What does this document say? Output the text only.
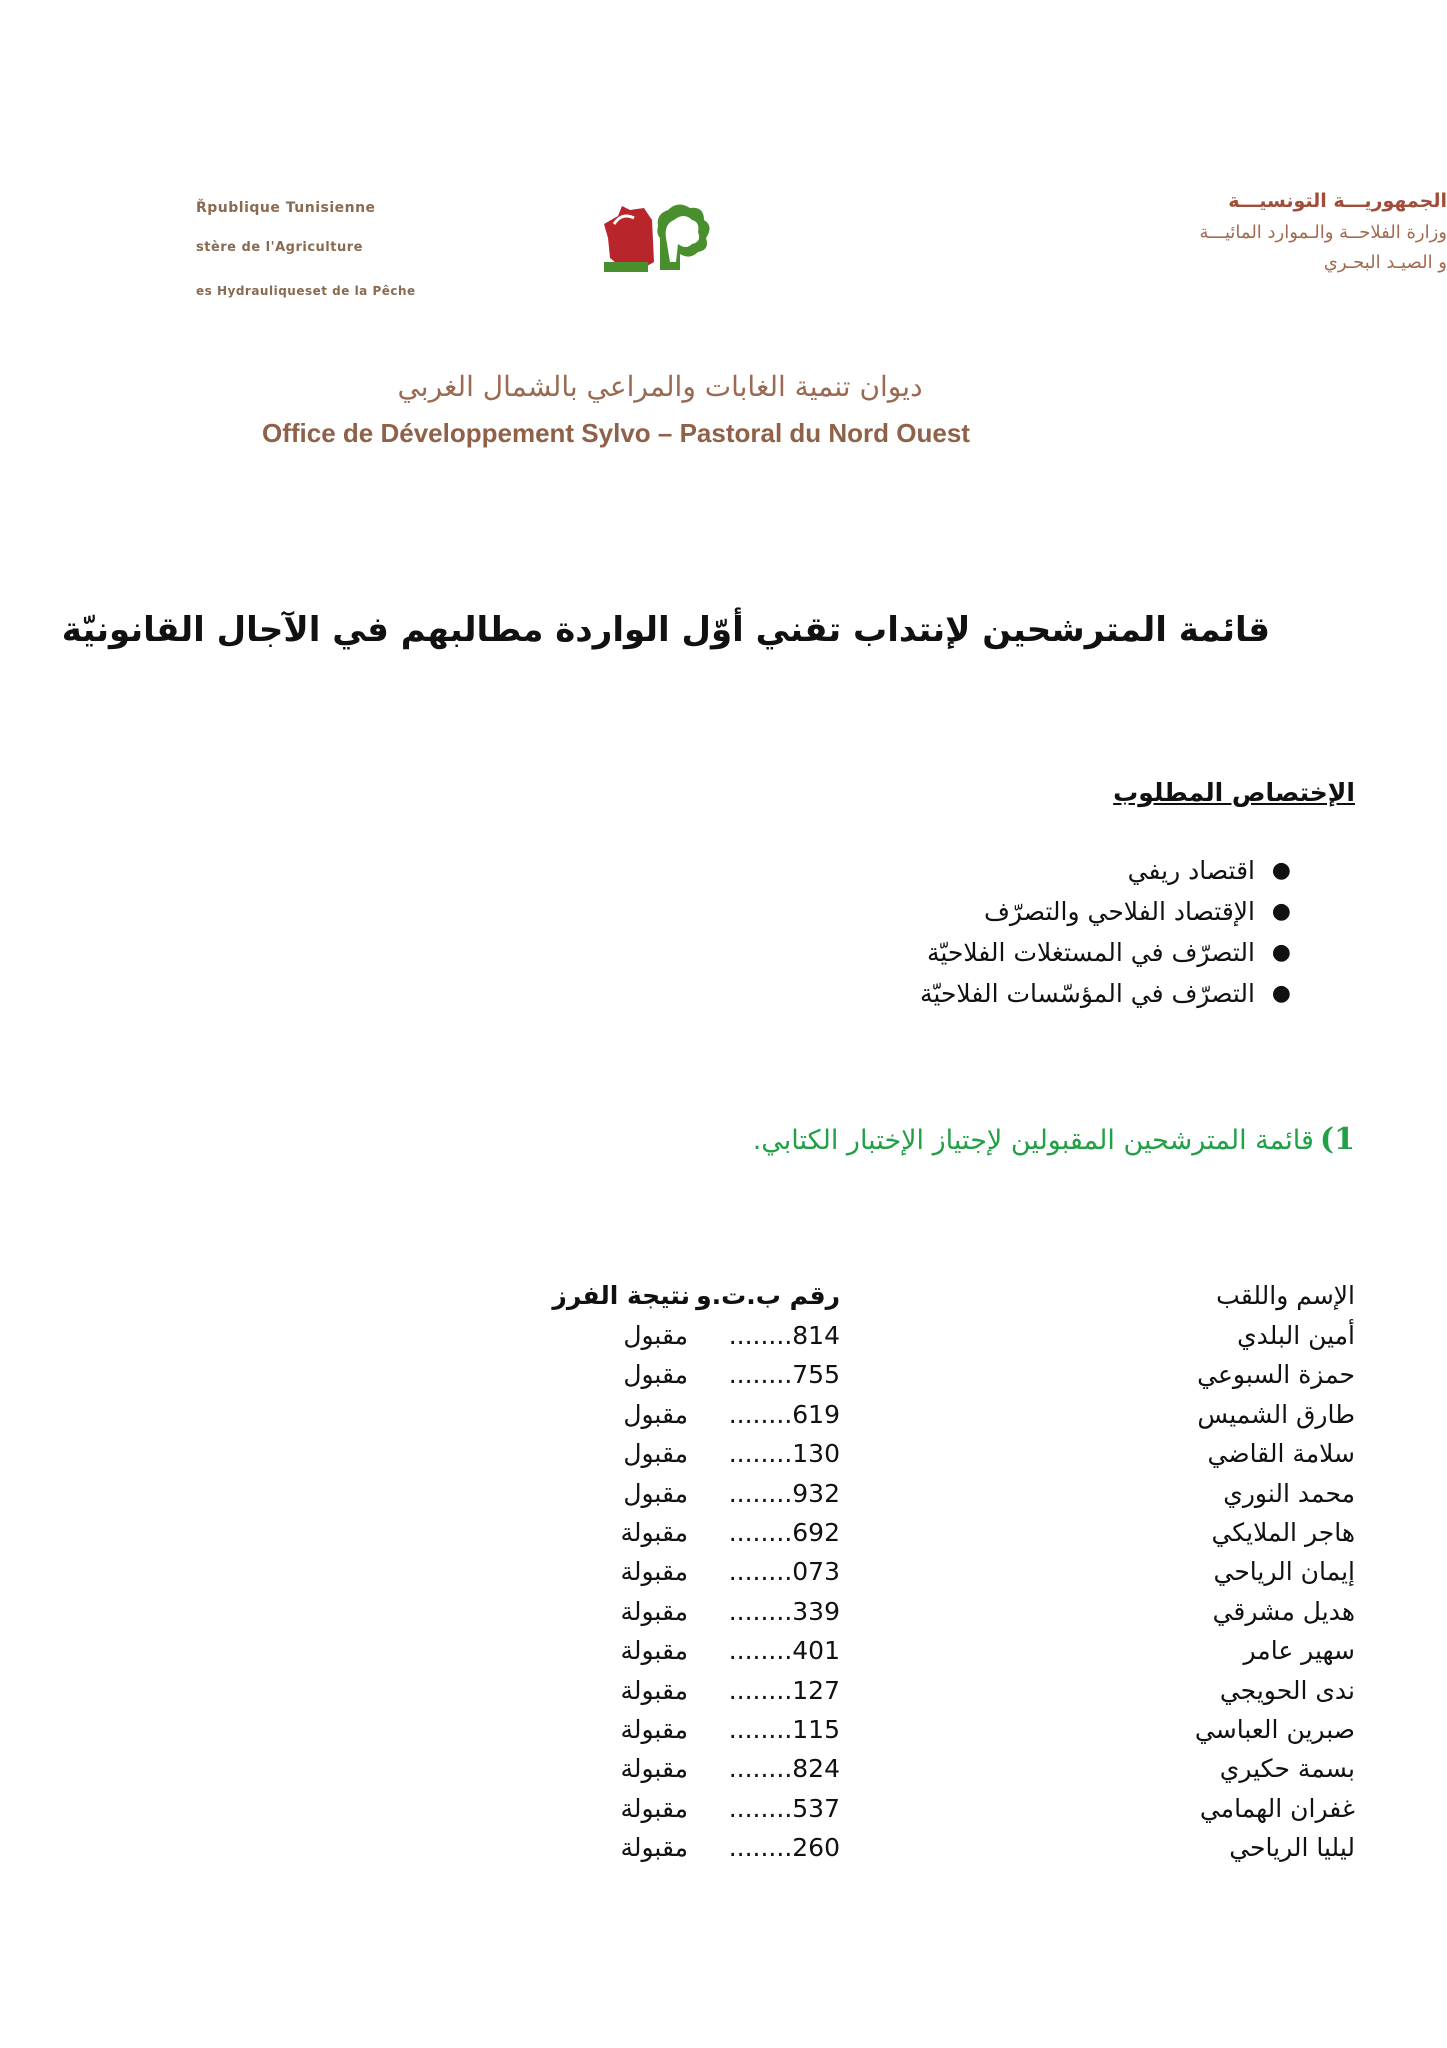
Řpublique Tunisienne
stère de l'Agriculture
es Hydrauliqueset de la Pêche
الجمهوريـــة التونسيـــة
وزارة الفلاحــة والـموارد المائيـــة
و الصيـد البحـري
ديوان تنمية الغابات والمراعي بالشمال الغربي
Office de Développement Sylvo – Pastoral du Nord Ouest
قائمة المترشحين لإنتداب تقني أوّل الواردة مطالبهم في الآجال القانونيّة
الإختصاص المطلوب
●
اقتصاد ريفي
●
الإقتصاد الفلاحي والتصرّف
●
التصرّف في المستغلات الفلاحيّة
●
التصرّف في المؤسّسات الفلاحيّة
1)قائمة المترشحين المقبولين لإجتياز الإختبار الكتابي.
الإسم واللقب
رقم ب.ت.و
نتيجة الفرز
أمين البلدي
814........
مقبول
حمزة السبوعي
755........
مقبول
طارق الشميس
619........
مقبول
سلامة القاضي
130........
مقبول
محمد النوري
932........
مقبول
هاجر الملايكي
692........
مقبولة
إيمان الرياحي
073........
مقبولة
هديل مشرقي
339........
مقبولة
سهير عامر
401........
مقبولة
ندى الحويجي
127........
مقبولة
صبرين العباسي
115........
مقبولة
بسمة حكيري
824........
مقبولة
غفران الهمامي
537........
مقبولة
ليليا الرياحي
260........
مقبولة
